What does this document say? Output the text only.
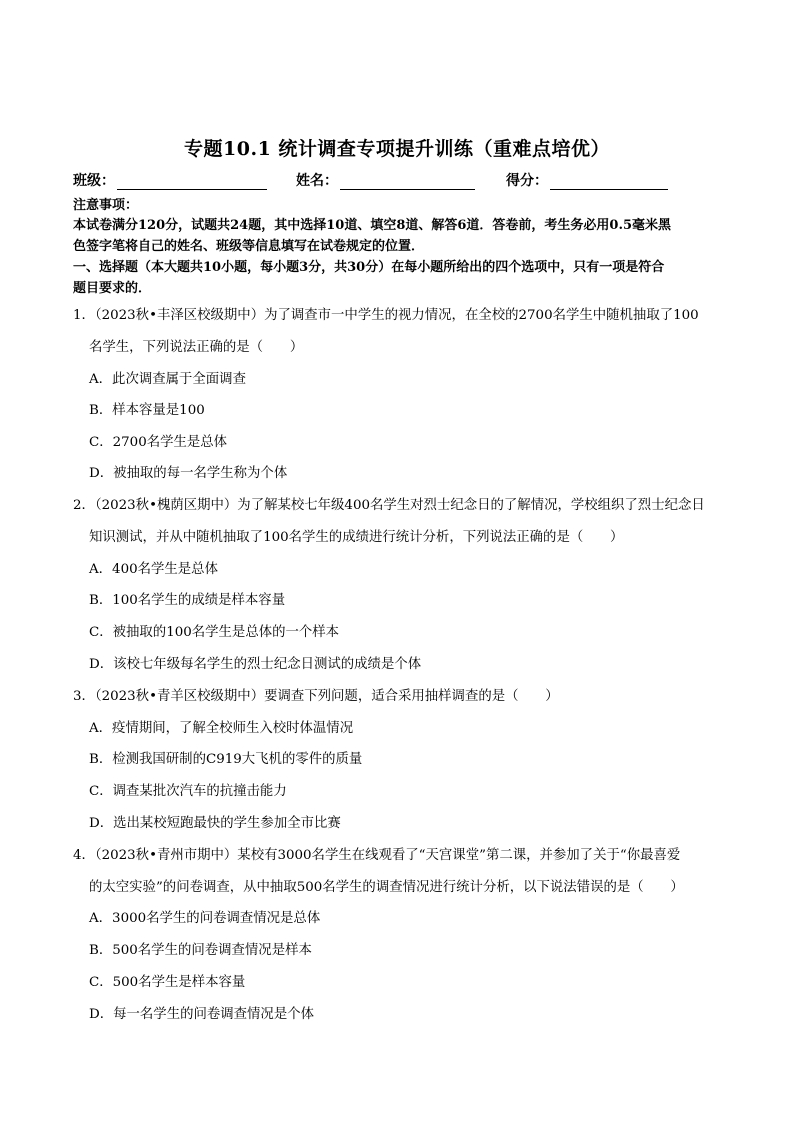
专题10.1 统计调查专项提升训练（重难点培优）
班级：	姓名：	得分：
注意事项：
本试卷满分120分，试题共24题，其中选择10道、填空8道、解答6道．答卷前，考生务必用0.5毫米黑
色签字笔将自己的姓名、班级等信息填写在试卷规定的位置．
一、选择题（本大题共10小题，每小题3分，共30分）在每小题所给出的四个选项中，只有一项是符合
题目要求的．
1．（2023秋•丰泽区校级期中）为了调查市一中学生的视力情况，在全校的2700名学生中随机抽取了100
名学生，下列说法正确的是（　　）
A．此次调查属于全面调查
B．样本容量是100
C．2700名学生是总体
D．被抽取的每一名学生称为个体
2．（2023秋•槐荫区期中）为了解某校七年级400名学生对烈士纪念日的了解情况，学校组织了烈士纪念日
知识测试，并从中随机抽取了100名学生的成绩进行统计分析，下列说法正确的是（　　）
A．400名学生是总体
B．100名学生的成绩是样本容量
C．被抽取的100名学生是总体的一个样本
D．该校七年级每名学生的烈士纪念日测试的成绩是个体
3．（2023秋•青羊区校级期中）要调查下列问题，适合采用抽样调查的是（　　）
A．疫情期间，了解全校师生入校时体温情况
B．检测我国研制的C919大飞机的零件的质量
C．调查某批次汽车的抗撞击能力
D．选出某校短跑最快的学生参加全市比赛
4．（2023秋•青州市期中）某校有3000名学生在线观看了“天宫课堂”第二课，并参加了关于“你最喜爱
的太空实验”的问卷调查，从中抽取500名学生的调查情况进行统计分析，以下说法错误的是（　　）
A．3000名学生的问卷调查情况是总体
B．500名学生的问卷调查情况是样本
C．500名学生是样本容量
D．每一名学生的问卷调查情况是个体
